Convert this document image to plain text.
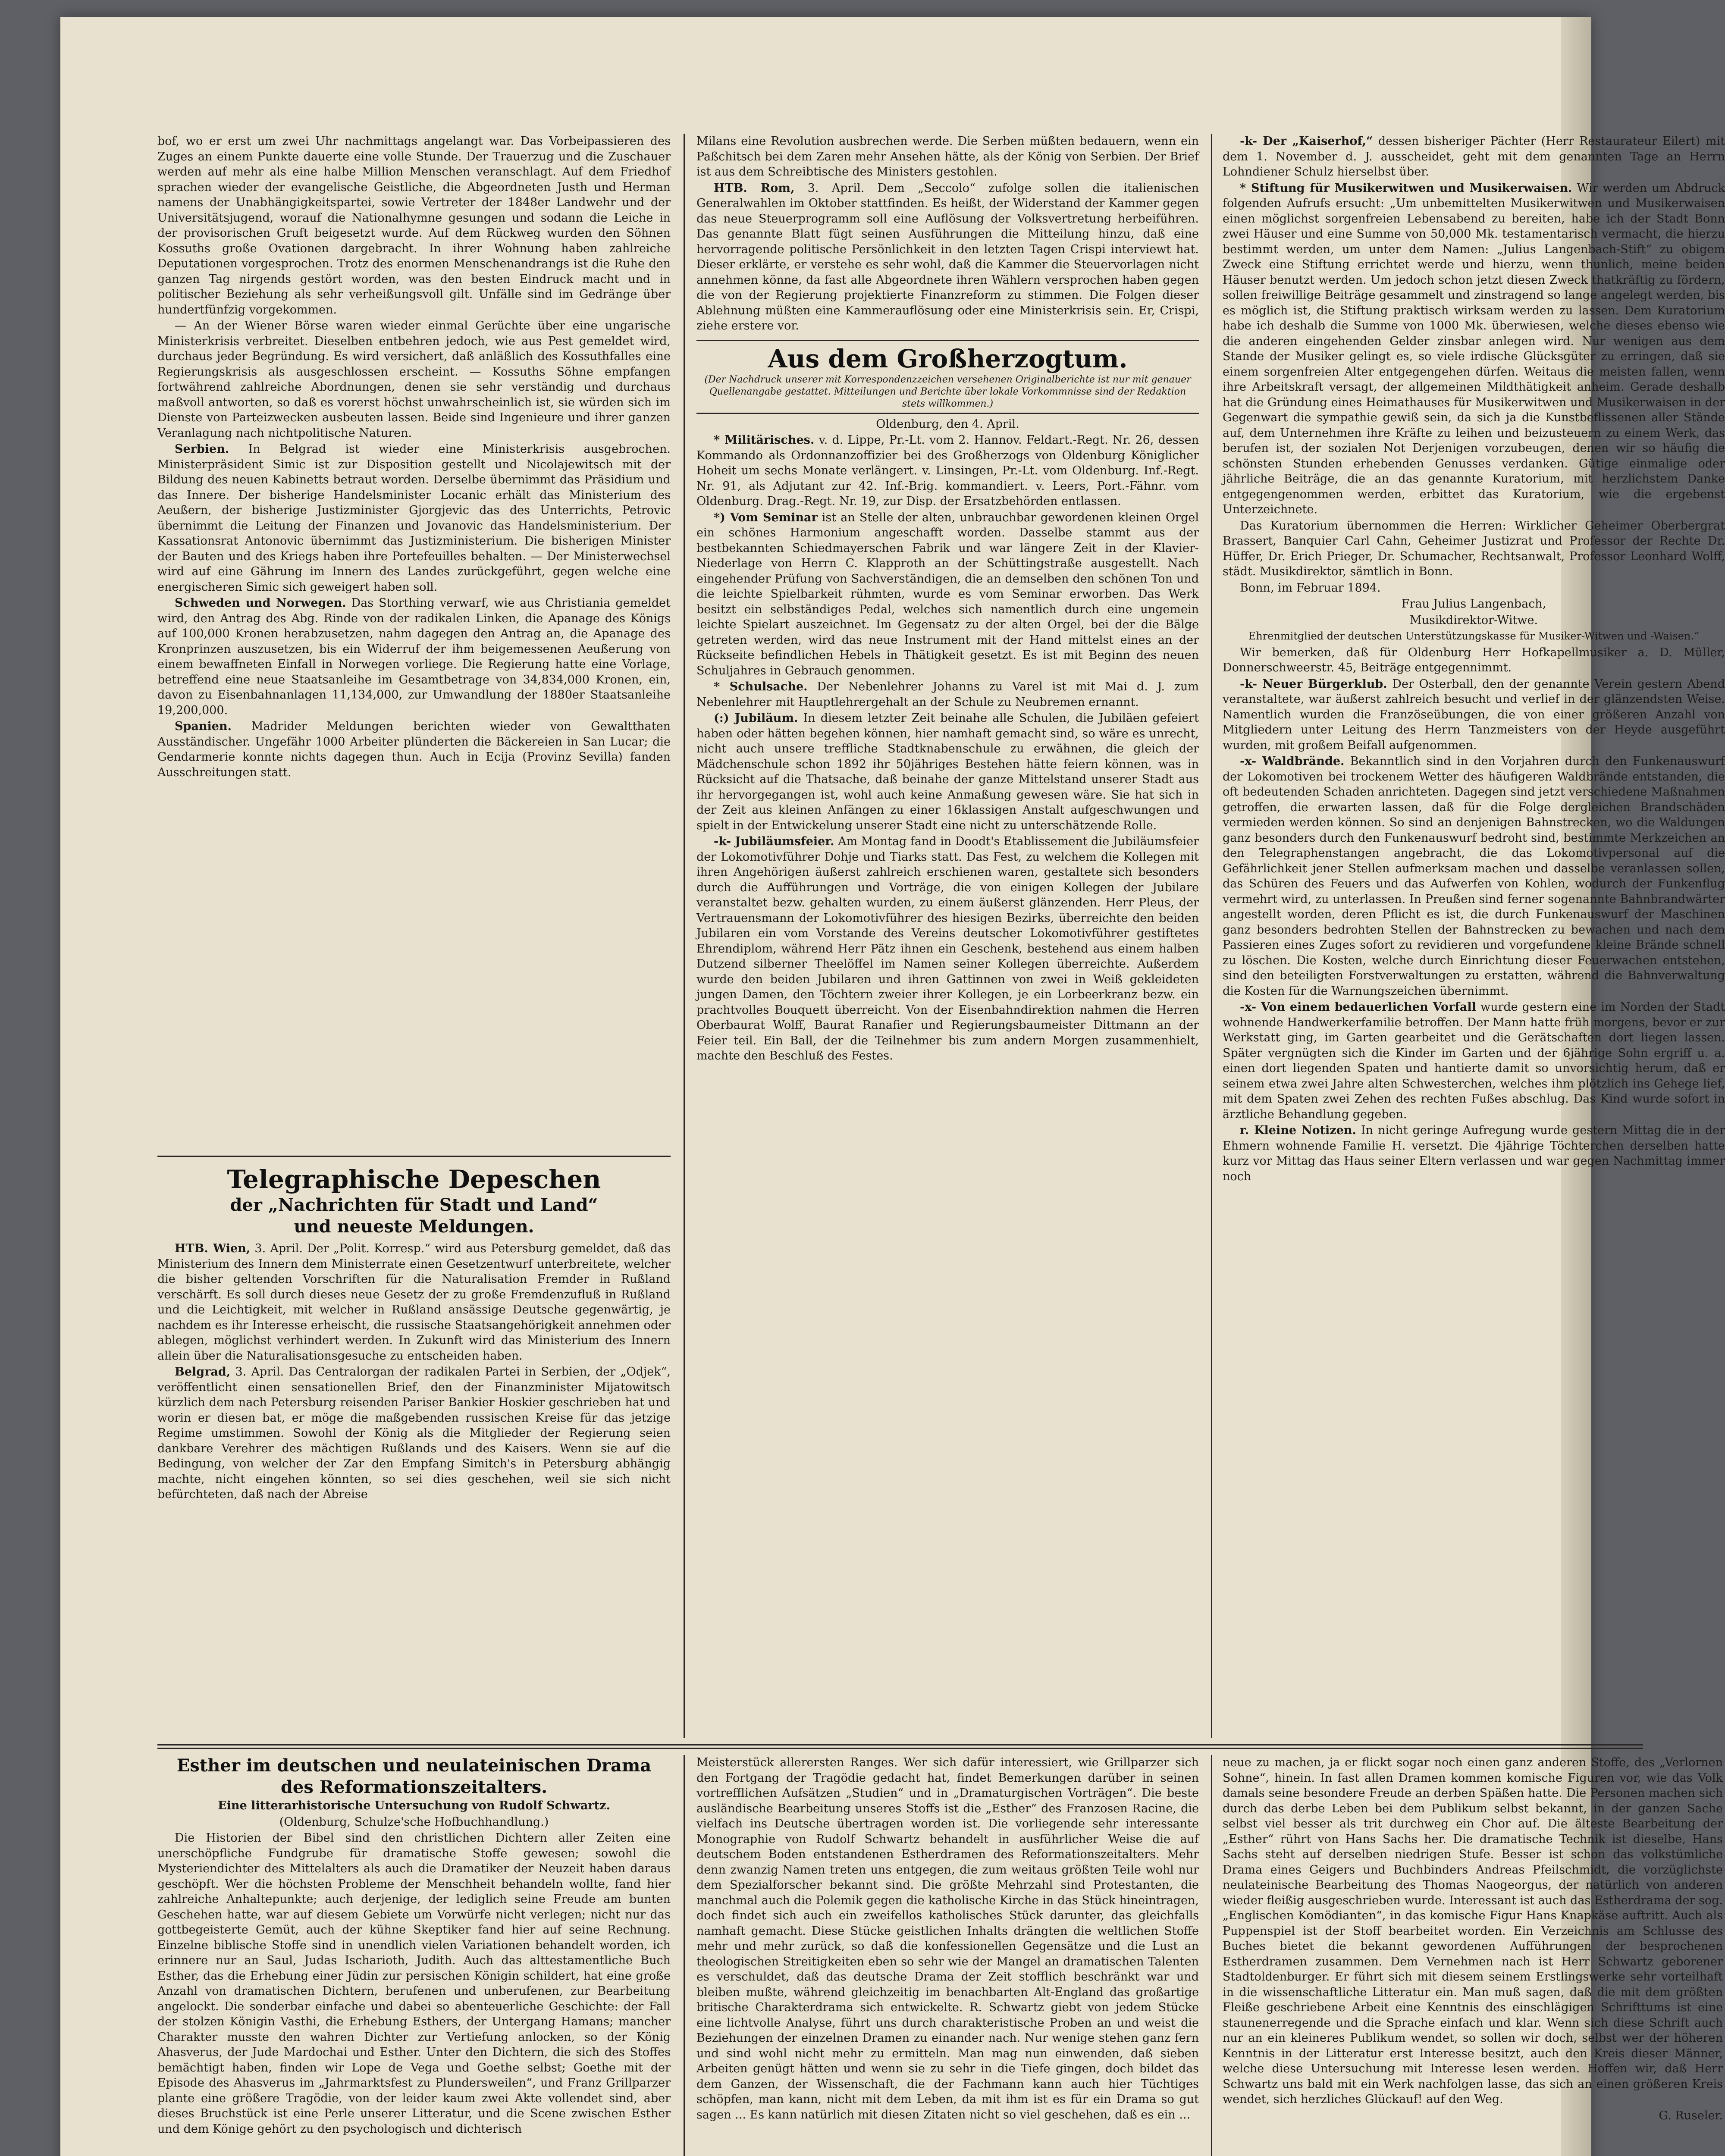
bof, wo er erst um zwei Uhr nachmittags angelangt war. Das Vorbeipassieren des Zuges an einem Punkte dauerte eine volle Stunde. Der Trauerzug und die Zuschauer werden auf mehr als eine halbe Million Menschen veranschlagt. Auf dem Friedhof sprachen wieder der evangelische Geistliche, die Abgeordneten Justh und Herman namens der Unabhängigkeitspartei, sowie Vertreter der 1848er Landwehr und der Universitätsjugend, worauf die Nationalhymne gesungen und sodann die Leiche in der provisorischen Gruft beigesetzt wurde. Auf dem Rückweg wurden den Söhnen Kossuths große Ovationen dargebracht. In ihrer Wohnung haben zahlreiche Deputationen vorgesprochen. Trotz des enormen Menschenandrangs ist die Ruhe den ganzen Tag nirgends gestört worden, was den besten Eindruck macht und in politischer Beziehung als sehr verheißungsvoll gilt. Unfälle sind im Gedränge über hundertfünfzig vorgekommen.

— An der Wiener Börse waren wieder einmal Gerüchte über eine ungarische Ministerkrisis verbreitet. Dieselben entbehren jedoch, wie aus Pest gemeldet wird, durchaus jeder Begründung. Es wird versichert, daß anläßlich des Kossuthfalles eine Regierungskrisis als ausgeschlossen erscheint. — Kossuths Söhne empfangen fortwährend zahlreiche Abordnungen, denen sie sehr verständig und durchaus maßvoll antworten, so daß es vorerst höchst unwahrscheinlich ist, sie würden sich im Dienste von Parteizwecken ausbeuten lassen. Beide sind Ingenieure und ihrer ganzen Veranlagung nach nichtpolitische Naturen.

Serbien. In Belgrad ist wieder eine Ministerkrisis ausgebrochen. Ministerpräsident Simic ist zur Disposition gestellt und Nicolajewitsch mit der Bildung des neuen Kabinetts betraut worden. Derselbe übernimmt das Präsidium und das Innere. Der bisherige Handelsminister Locanic erhält das Ministerium des Aeußern, der bisherige Justizminister Gjorgjevic das des Unterrichts, Petrovic übernimmt die Leitung der Finanzen und Jovanovic das Handelsministerium. Der Kassationsrat Antonovic übernimmt das Justizministerium. Die bisherigen Minister der Bauten und des Kriegs haben ihre Portefeuilles behalten. — Der Ministerwechsel wird auf eine Gährung im Innern des Landes zurückgeführt, gegen welche eine energischeren Simic sich geweigert haben soll.

Schweden und Norwegen. Das Storthing verwarf, wie aus Christiania gemeldet wird, den Antrag des Abg. Rinde von der radikalen Linken, die Apanage des Königs auf 100,000 Kronen herabzusetzen, nahm dagegen den Antrag an, die Apanage des Kronprinzen auszusetzen, bis ein Widerruf der ihm beigemessenen Aeußerung von einem bewaffneten Einfall in Norwegen vorliege. Die Regierung hatte eine Vorlage, betreffend eine neue Staatsanleihe im Gesamtbetrage von 34,834,000 Kronen, ein, davon zu Eisenbahnanlagen 11,134,000, zur Umwandlung der 1880er Staatsanleihe 19,200,000.

Spanien. Madrider Meldungen berichten wieder von Gewaltthaten Ausständischer. Ungefähr 1000 Arbeiter plünderten die Bäckereien in San Lucar; die Gendarmerie konnte nichts dagegen thun. Auch in Ecija (Provinz Sevilla) fanden Ausschreitungen statt.

Telegraphische Depeschen
der „Nachrichten für Stadt und Land“
und neueste Meldungen.

HTB. Wien, 3. April. Der „Polit. Korresp.“ wird aus Petersburg gemeldet, daß das Ministerium des Innern dem Ministerrate einen Gesetzentwurf unterbreitete, welcher die bisher geltenden Vorschriften für die Naturalisation Fremder in Rußland verschärft. Es soll durch dieses neue Gesetz der zu große Fremdenzufluß in Rußland und die Leichtigkeit, mit welcher in Rußland ansässige Deutsche gegenwärtig, je nachdem es ihr Interesse erheischt, die russische Staatsangehörigkeit annehmen oder ablegen, möglichst verhindert werden. In Zukunft wird das Ministerium des Innern allein über die Naturalisationsgesuche zu entscheiden haben.

Belgrad, 3. April. Das Centralorgan der radikalen Partei in Serbien, der „Odjek“, veröffentlicht einen sensationellen Brief, den der Finanzminister Mijatowitsch kürzlich dem nach Petersburg reisenden Pariser Bankier Hoskier geschrieben hat und worin er diesen bat, er möge die maßgebenden russischen Kreise für das jetzige Regime umstimmen. Sowohl der König als die Mitglieder der Regierung seien dankbare Verehrer des mächtigen Rußlands und des Kaisers. Wenn sie auf die Bedingung, von welcher der Zar den Empfang Simitch's in Petersburg abhängig machte, nicht eingehen könnten, so sei dies geschehen, weil sie sich nicht befürchteten, daß nach der Abreise

Milans eine Revolution ausbrechen werde. Die Serben müßten bedauern, wenn ein Paßchitsch bei dem Zaren mehr Ansehen hätte, als der König von Serbien. Der Brief ist aus dem Schreibtische des Ministers gestohlen.

HTB. Rom, 3. April. Dem „Seccolo“ zufolge sollen die italienischen Generalwahlen im Oktober stattfinden. Es heißt, der Widerstand der Kammer gegen das neue Steuerprogramm soll eine Auflösung der Volksvertretung herbeiführen. Das genannte Blatt fügt seinen Ausführungen die Mitteilung hinzu, daß eine hervorragende politische Persönlichkeit in den letzten Tagen Crispi interviewt hat. Dieser erklärte, er verstehe es sehr wohl, daß die Kammer die Steuervorlagen nicht annehmen könne, da fast alle Abgeordnete ihren Wählern versprochen haben gegen die von der Regierung projektierte Finanzreform zu stimmen. Die Folgen dieser Ablehnung müßten eine Kammerauflösung oder eine Ministerkrisis sein. Er, Crispi, ziehe erstere vor.

Aus dem Großherzogtum.
(Der Nachdruck unserer mit Korrespondenzzeichen versehenen Originalberichte ist nur mit genauer Quellenangabe gestattet. Mitteilungen und Berichte über lokale Vorkommnisse sind der Redaktion stets willkommen.)

Oldenburg, den 4. April.

* Militärisches. v. d. Lippe, Pr.-Lt. vom 2. Hannov. Feldart.-Regt. Nr. 26, dessen Kommando als Ordonnanzoffizier bei des Großherzogs von Oldenburg Königlicher Hoheit um sechs Monate verlängert. v. Linsingen, Pr.-Lt. vom Oldenburg. Inf.-Regt. Nr. 91, als Adjutant zur 42. Inf.-Brig. kommandiert. v. Leers, Port.-Fähnr. vom Oldenburg. Drag.-Regt. Nr. 19, zur Disp. der Ersatzbehörden entlassen.

*) Vom Seminar ist an Stelle der alten, unbrauchbar gewordenen kleinen Orgel ein schönes Harmonium angeschafft worden. Dasselbe stammt aus der bestbekannten Schiedmayerschen Fabrik und war längere Zeit in der Klavier-Niederlage von Herrn C. Klapproth an der Schüttingstraße ausgestellt. Nach eingehender Prüfung von Sachverständigen, die an demselben den schönen Ton und die leichte Spielbarkeit rühmten, wurde es vom Seminar erworben. Das Werk besitzt ein selbständiges Pedal, welches sich namentlich durch eine ungemein leichte Spielart auszeichnet. Im Gegensatz zu der alten Orgel, bei der die Bälge getreten werden, wird das neue Instrument mit der Hand mittelst eines an der Rückseite befindlichen Hebels in Thätigkeit gesetzt. Es ist mit Beginn des neuen Schuljahres in Gebrauch genommen.

* Schulsache. Der Nebenlehrer Johanns zu Varel ist mit Mai d. J. zum Nebenlehrer mit Hauptlehrergehalt an der Schule zu Neubremen ernannt.

(:) Jubiläum. In diesem letzter Zeit beinahe alle Schulen, die Jubiläen gefeiert haben oder hätten begehen können, hier namhaft gemacht sind, so wäre es unrecht, nicht auch unsere treffliche Stadtknabenschule zu erwähnen, die gleich der Mädchenschule schon 1892 ihr 50jähriges Bestehen hätte feiern können, was in Rücksicht auf die Thatsache, daß beinahe der ganze Mittelstand unserer Stadt aus ihr hervorgegangen ist, wohl auch keine Anmaßung gewesen wäre. Sie hat sich in der Zeit aus kleinen Anfängen zu einer 16klassigen Anstalt aufgeschwungen und spielt in der Entwickelung unserer Stadt eine nicht zu unterschätzende Rolle.

-k- Jubiläumsfeier. Am Montag fand in Doodt's Etablissement die Jubiläumsfeier der Lokomotivführer Dohje und Tiarks statt. Das Fest, zu welchem die Kollegen mit ihren Angehörigen äußerst zahlreich erschienen waren, gestaltete sich besonders durch die Aufführungen und Vorträge, die von einigen Kollegen der Jubilare veranstaltet bezw. gehalten wurden, zu einem äußerst glänzenden. Herr Pleus, der Vertrauensmann der Lokomotivführer des hiesigen Bezirks, überreichte den beiden Jubilaren ein vom Vorstande des Vereins deutscher Lokomotivführer gestiftetes Ehrendiplom, während Herr Pätz ihnen ein Geschenk, bestehend aus einem halben Dutzend silberner Theelöffel im Namen seiner Kollegen überreichte. Außerdem wurde den beiden Jubilaren und ihren Gattinnen von zwei in Weiß gekleideten jungen Damen, den Töchtern zweier ihrer Kollegen, je ein Lorbeerkranz bezw. ein prachtvolles Bouquett überreicht. Von der Eisenbahndirektion nahmen die Herren Oberbaurat Wolff, Baurat Ranafier und Regierungsbaumeister Dittmann an der Feier teil. Ein Ball, der die Teilnehmer bis zum andern Morgen zusammenhielt, machte den Beschluß des Festes.

-k- Der „Kaiserhof,“ dessen bisheriger Pächter (Herr Restaurateur Eilert) mit dem 1. November d. J. ausscheidet, geht mit dem genannten Tage an Herrn Lohndiener Schulz hierselbst über.

* Stiftung für Musikerwitwen und Musikerwaisen. Wir werden um Abdruck folgenden Aufrufs ersucht: „Um unbemittelten Musikerwitwen und Musikerwaisen einen möglichst sorgenfreien Lebensabend zu bereiten, habe ich der Stadt Bonn zwei Häuser und eine Summe von 50,000 Mk. testamentarisch vermacht, die hierzu bestimmt werden, um unter dem Namen: „Julius Langenbach-Stift“ zu obigem Zweck eine Stiftung errichtet werde und hierzu, wenn thunlich, meine beiden Häuser benutzt werden. Um jedoch schon jetzt diesen Zweck thatkräftig zu fördern, sollen freiwillige Beiträge gesammelt und zinstragend so lange angelegt werden, bis es möglich ist, die Stiftung praktisch wirksam werden zu lassen. Dem Kuratorium habe ich deshalb die Summe von 1000 Mk. überwiesen, welche dieses ebenso wie die anderen eingehenden Gelder zinsbar anlegen wird. Nur wenigen aus dem Stande der Musiker gelingt es, so viele irdische Glücksgüter zu erringen, daß sie einem sorgenfreien Alter entgegengehen dürfen. Weitaus die meisten fallen, wenn ihre Arbeitskraft versagt, der allgemeinen Mildthätigkeit anheim. Gerade deshalb hat die Gründung eines Heimathauses für Musikerwitwen und Musikerwaisen in der Gegenwart die sympathie gewiß sein, da sich ja die Kunstbeflissenen aller Stände auf, dem Unternehmen ihre Kräfte zu leihen und beizusteuern zu einem Werk, das berufen ist, der sozialen Not Derjenigen vorzubeugen, denen wir so häufig die schönsten Stunden erhebenden Genusses verdanken. Gütige einmalige oder jährliche Beiträge, die an das genannte Kuratorium, mit herzlichstem Danke entgegengenommen werden, erbittet das Kuratorium, wie die ergebenst Unterzeichnete.

Das Kuratorium übernommen die Herren: Wirklicher Geheimer Oberbergrat Brassert, Banquier Carl Cahn, Geheimer Justizrat und Professor der Rechte Dr. Hüffer, Dr. Erich Prieger, Dr. Schumacher, Rechtsanwalt, Professor Leonhard Wolff, städt. Musikdirektor, sämtlich in Bonn.

Bonn, im Februar 1894.

Frau Julius Langenbach,

Musikdirektor-Witwe.

Ehrenmitglied der deutschen Unterstützungskasse für Musiker-Witwen und -Waisen.“

Wir bemerken, daß für Oldenburg Herr Hofkapellmusiker a. D. Müller, Donnerschweerstr. 45, Beiträge entgegennimmt.

-k- Neuer Bürgerklub. Der Osterball, den der genannte Verein gestern Abend veranstaltete, war äußerst zahlreich besucht und verlief in der glänzendsten Weise. Namentlich wurden die Französeübungen, die von einer größeren Anzahl von Mitgliedern unter Leitung des Herrn Tanzmeisters von der Heyde ausgeführt wurden, mit großem Beifall aufgenommen.

-x- Waldbrände. Bekanntlich sind in den Vorjahren durch den Funkenauswurf der Lokomotiven bei trockenem Wetter des häufigeren Waldbrände entstanden, die oft bedeutenden Schaden anrichteten. Dagegen sind jetzt verschiedene Maßnahmen getroffen, die erwarten lassen, daß für die Folge dergleichen Brandschäden vermieden werden können. So sind an denjenigen Bahnstrecken, wo die Waldungen ganz besonders durch den Funkenauswurf bedroht sind, bestimmte Merkzeichen an den Telegraphenstangen angebracht, die das Lokomotivpersonal auf die Gefährlichkeit jener Stellen aufmerksam machen und dasselbe veranlassen sollen, das Schüren des Feuers und das Aufwerfen von Kohlen, wodurch der Funkenflug vermehrt wird, zu unterlassen. In Preußen sind ferner sogenannte Bahnbrandwärter angestellt worden, deren Pflicht es ist, die durch Funkenauswurf der Maschinen ganz besonders bedrohten Stellen der Bahnstrecken zu bewachen und nach dem Passieren eines Zuges sofort zu revidieren und vorgefundene kleine Brände schnell zu löschen. Die Kosten, welche durch Einrichtung dieser Feuerwachen entstehen, sind den beteiligten Forstverwaltungen zu erstatten, während die Bahnverwaltung die Kosten für die Warnungszeichen übernimmt.

-x- Von einem bedauerlichen Vorfall wurde gestern eine im Norden der Stadt wohnende Handwerkerfamilie betroffen. Der Mann hatte früh morgens, bevor er zur Werkstatt ging, im Garten gearbeitet und die Gerätschaften dort liegen lassen. Später vergnügten sich die Kinder im Garten und der 6jährige Sohn ergriff u. a. einen dort liegenden Spaten und hantierte damit so unvorsichtig herum, daß er seinem etwa zwei Jahre alten Schwesterchen, welches ihm plötzlich ins Gehege lief, mit dem Spaten zwei Zehen des rechten Fußes abschlug. Das Kind wurde sofort in ärztliche Behandlung gegeben.

r. Kleine Notizen. In nicht geringe Aufregung wurde gestern Mittag die in der Ehmern wohnende Familie H. versetzt. Die 4jährige Töchterchen derselben hatte kurz vor Mittag das Haus seiner Eltern verlassen und war gegen Nachmittag immer noch

Esther im deutschen und neulateinischen Drama
des Reformationszeitalters.

Eine litterarhistorische Untersuchung von Rudolf Schwartz.

(Oldenburg, Schulze'sche Hofbuchhandlung.)

Die Historien der Bibel sind den christlichen Dichtern aller Zeiten eine unerschöpfliche Fundgrube für dramatische Stoffe gewesen; sowohl die Mysteriendichter des Mittelalters als auch die Dramatiker der Neuzeit haben daraus geschöpft. Wer die höchsten Probleme der Menschheit behandeln wollte, fand hier zahlreiche Anhaltepunkte; auch derjenige, der lediglich seine Freude am bunten Geschehen hatte, war auf diesem Gebiete um Vorwürfe nicht verlegen; nicht nur das gottbegeisterte Gemüt, auch der kühne Skeptiker fand hier auf seine Rechnung. Einzelne biblische Stoffe sind in unendlich vielen Variationen behandelt worden, ich erinnere nur an Saul, Judas Ischarioth, Judith. Auch das alttestamentliche Buch Esther, das die Erhebung einer Jüdin zur persischen Königin schildert, hat eine große Anzahl von dramatischen Dichtern, berufenen und unberufenen, zur Bearbeitung angelockt. Die sonderbar einfache und dabei so abenteuerliche Geschichte: der Fall der stolzen Königin Vasthi, die Erhebung Esthers, der Untergang Hamans; mancher Charakter musste den wahren Dichter zur Vertiefung anlocken, so der König Ahasverus, der Jude Mardochai und Esther. Unter den Dichtern, die sich des Stoffes bemächtigt haben, finden wir Lope de Vega und Goethe selbst; Goethe mit der Episode des Ahasverus im „Jahrmarktsfest zu Plundersweilen“, und Franz Grillparzer plante eine größere Tragödie, von der leider kaum zwei Akte vollendet sind, aber dieses Bruchstück ist eine Perle unserer Litteratur, und die Scene zwischen Esther und dem Könige gehört zu den psychologisch und dichterisch

Meisterstück allerersten Ranges. Wer sich dafür interessiert, wie Grillparzer sich den Fortgang der Tragödie gedacht hat, findet Bemerkungen darüber in seinen vortrefflichen Aufsätzen „Studien“ und in „Dramaturgischen Vorträgen“. Die beste ausländische Bearbeitung unseres Stoffs ist die „Esther“ des Franzosen Racine, die vielfach ins Deutsche übertragen worden ist. Die vorliegende sehr interessante Monographie von Rudolf Schwartz behandelt in ausführlicher Weise die auf deutschem Boden entstandenen Estherdramen des Reformationszeitalters. Mehr denn zwanzig Namen treten uns entgegen, die zum weitaus größten Teile wohl nur dem Spezialforscher bekannt sind. Die größte Mehrzahl sind Protestanten, die manchmal auch die Polemik gegen die katholische Kirche in das Stück hineintragen, doch findet sich auch ein zweifellos katholisches Stück darunter, das gleichfalls namhaft gemacht. Diese Stücke geistlichen Inhalts drängten die weltlichen Stoffe mehr und mehr zurück, so daß die konfessionellen Gegensätze und die Lust an theologischen Streitigkeiten eben so sehr wie der Mangel an dramatischen Talenten es verschuldet, daß das deutsche Drama der Zeit stofflich beschränkt war und bleiben mußte, während gleichzeitig im benachbarten Alt-England das großartige britische Charakterdrama sich entwickelte. R. Schwartz giebt von jedem Stücke eine lichtvolle Analyse, führt uns durch charakteristische Proben an und weist die Beziehungen der einzelnen Dramen zu einander nach. Nur wenige stehen ganz fern und sind wohl nicht mehr zu ermitteln. Man mag nun einwenden, daß sieben Arbeiten genügt hätten und wenn sie zu sehr in die Tiefe gingen, doch bildet das dem Ganzen, der Wissenschaft, die der Fachmann kann auch hier Tüchtiges schöpfen, man kann, nicht mit dem Leben, da mit ihm ist es für ein Drama so gut sagen ... Es kann natürlich mit diesen Zitaten nicht so viel geschehen, daß es ein ...

neue zu machen, ja er flickt sogar noch einen ganz anderen Stoffe, des „Verlornen Sohne“, hinein. In fast allen Dramen kommen komische Figuren vor, wie das Volk damals seine besondere Freude an derben Späßen hatte. Die Personen machen sich durch das derbe Leben bei dem Publikum selbst bekannt, in der ganzen Sache selbst viel besser als trit durchweg ein Chor auf. Die älteste Bearbeitung der „Esther“ rührt von Hans Sachs her. Die dramatische Technik ist dieselbe, Hans Sachs steht auf derselben niedrigen Stufe. Besser ist schon das volkstümliche Drama eines Geigers und Buchbinders Andreas Pfeilschmidt, die vorzüglichste neulateinische Bearbeitung des Thomas Naogeorgus, der natürlich von anderen wieder fleißig ausgeschrieben wurde. Interessant ist auch das Estherdrama der sog. „Englischen Komödianten“, in das komische Figur Hans Knapkäse auftritt. Auch als Puppenspiel ist der Stoff bearbeitet worden. Ein Verzeichnis am Schlusse des Buches bietet die bekannt gewordenen Aufführungen der besprochenen Estherdramen zusammen. Dem Vernehmen nach ist Herr Schwartz geborener Stadtoldenburger. Er führt sich mit diesem seinem Erstlingswerke sehr vorteilhaft in die wissenschaftliche Litteratur ein. Man muß sagen, daß die mit dem größten Fleiße geschriebene Arbeit eine Kenntnis des einschlägigen Schrifttums ist eine staunenerregende und die Sprache einfach und klar. Wenn sich diese Schrift auch nur an ein kleineres Publikum wendet, so sollen wir doch, selbst wer der höheren Kenntnis in der Litteratur erst Interesse besitzt, auch den Kreis dieser Männer, welche diese Untersuchung mit Interesse lesen werden. Hoffen wir, daß Herr Schwartz uns bald mit ein Werk nachfolgen lasse, das sich an einen größeren Kreis wendet, sich herzliches Glückauf! auf den Weg.

G. Ruseler.
